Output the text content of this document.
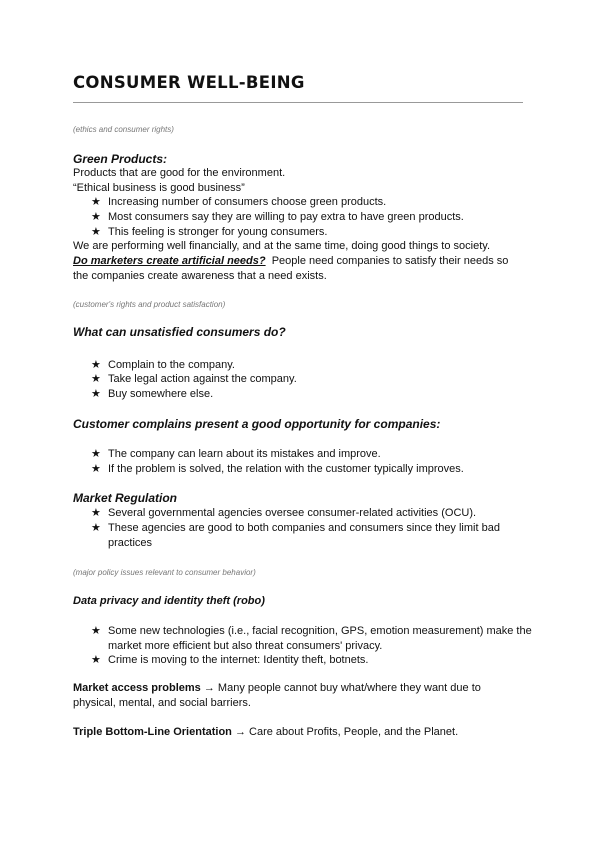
CONSUMER WELL-BEING
(ethics and consumer rights)
Green Products:
Products that are good for the environment.
“Ethical business is good business”
★ Increasing number of consumers choose green products.
★ Most consumers say they are willing to pay extra to have green products.
★ This feeling is stronger for young consumers.
We are performing well financially, and at the same time, doing good things to society.
Do marketers create artificial needs? People need companies to satisfy their needs so
the companies create awareness that a need exists.
(customer's rights and product satisfaction)
What can unsatisfied consumers do?
★ Complain to the company.
★ Take legal action against the company.
★ Buy somewhere else.
Customer complains present a good opportunity for companies:
★ The company can learn about its mistakes and improve.
★ If the problem is solved, the relation with the customer typically improves.
Market Regulation
★ Several governmental agencies oversee consumer-related activities (OCU).
★ These agencies are good to both companies and consumers since they limit bad practices
(major policy issues relevant to consumer behavior)
Data privacy and identity theft (robo)
★ Some new technologies (i.e., facial recognition, GPS, emotion measurement) make the market more efficient but also threat consumers' privacy.
★ Crime is moving to the internet: Identity theft, botnets.
Market access problems → Many people cannot buy what/where they want due to
physical, mental, and social barriers.
Triple Bottom-Line Orientation → Care about Profits, People, and the Planet.
